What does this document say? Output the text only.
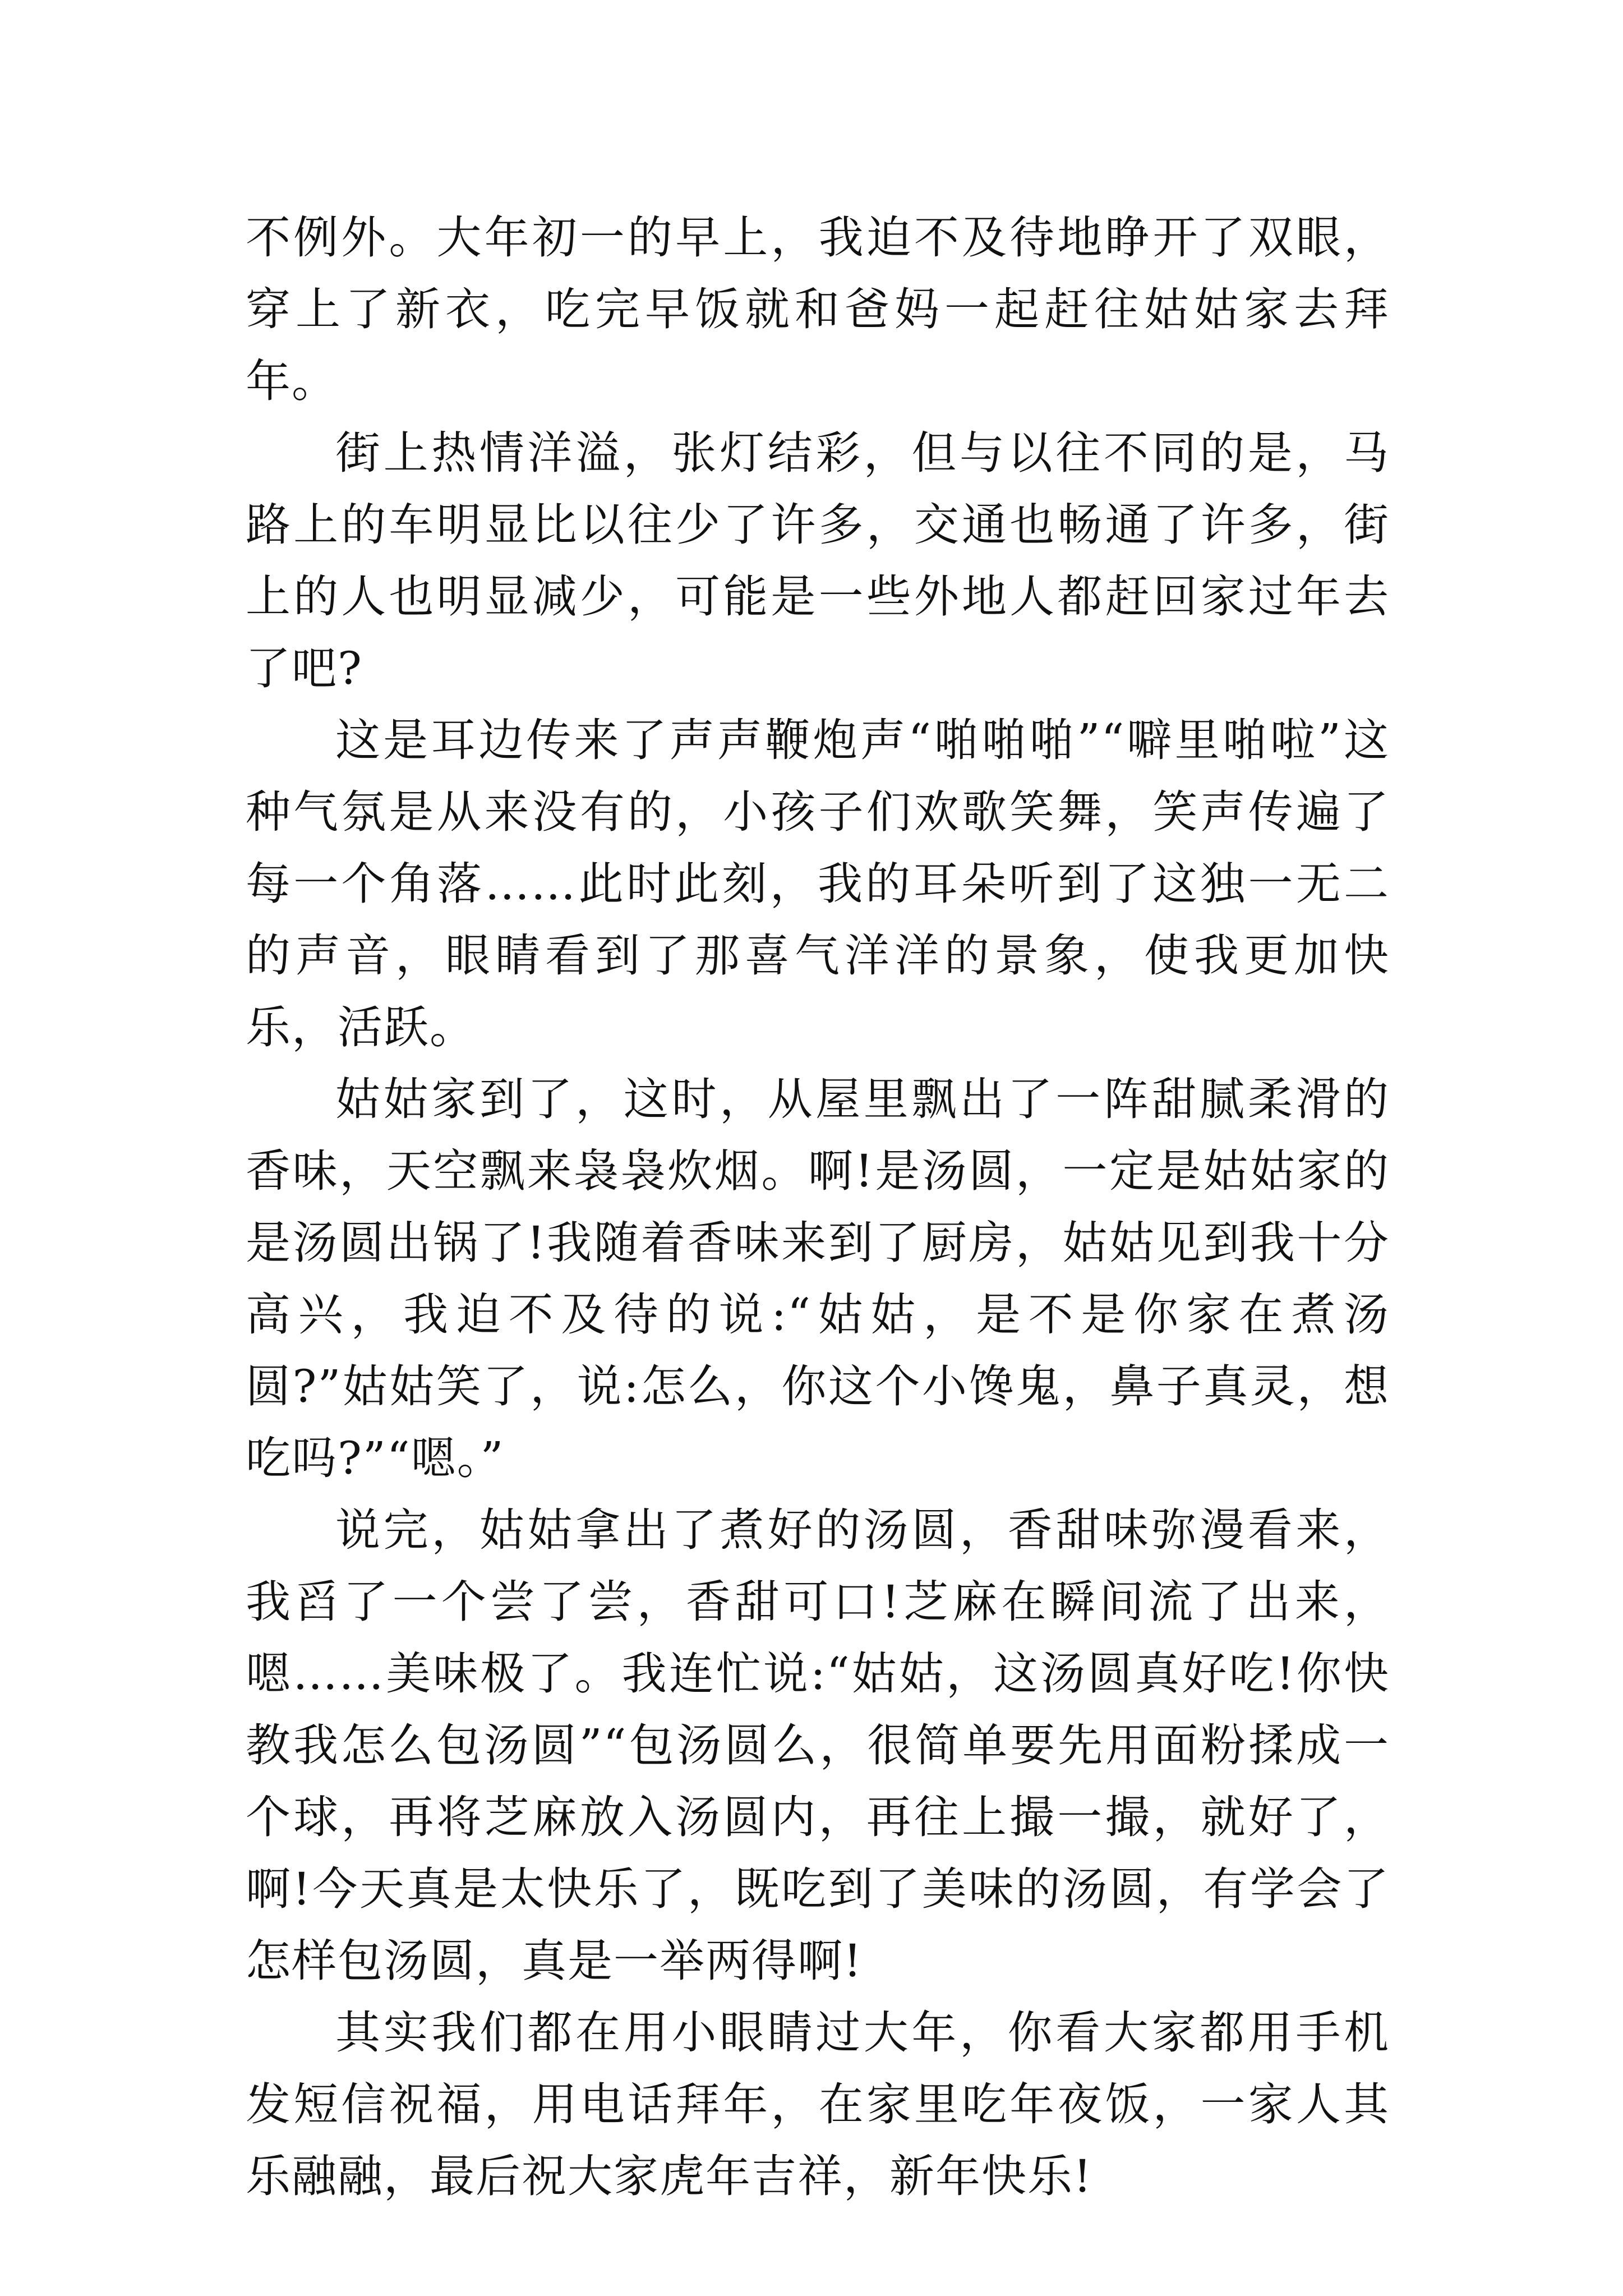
不例外。大年初一的早上，我迫不及待地睁开了双眼，穿上了新衣，吃完早饭就和爸妈一起赶往姑姑家去拜年。

街上热情洋溢，张灯结彩，但与以往不同的是，马路上的车明显比以往少了许多，交通也畅通了许多，街上的人也明显减少，可能是一些外地人都赶回家过年去了吧?

这是耳边传来了声声鞭炮声“啪啪啪”“噼里啪啦”这种气氛是从来没有的，小孩子们欢歌笑舞，笑声传遍了每一个角落……此时此刻，我的耳朵听到了这独一无二的声音，眼睛看到了那喜气洋洋的景象，使我更加快乐，活跃。

姑姑家到了，这时，从屋里飘出了一阵甜腻柔滑的香味，天空飘来袅袅炊烟。啊!是汤圆，一定是姑姑家的是汤圆出锅了!我随着香味来到了厨房，姑姑见到我十分高兴，我迫不及待的说:“姑姑，是不是你家在煮汤圆?”姑姑笑了，说:怎么，你这个小馋鬼，鼻子真灵，想吃吗?”“嗯。”

说完，姑姑拿出了煮好的汤圆，香甜味弥漫看来，我舀了一个尝了尝，香甜可口!芝麻在瞬间流了出来，嗯……美味极了。我连忙说:“姑姑，这汤圆真好吃!你快教我怎么包汤圆”“包汤圆么，很简单要先用面粉揉成一个球，再将芝麻放入汤圆内，再往上撮一撮，就好了，啊!今天真是太快乐了，既吃到了美味的汤圆，有学会了怎样包汤圆，真是一举两得啊!

其实我们都在用小眼睛过大年，你看大家都用手机发短信祝福，用电话拜年，在家里吃年夜饭，一家人其乐融融，最后祝大家虎年吉祥，新年快乐!
